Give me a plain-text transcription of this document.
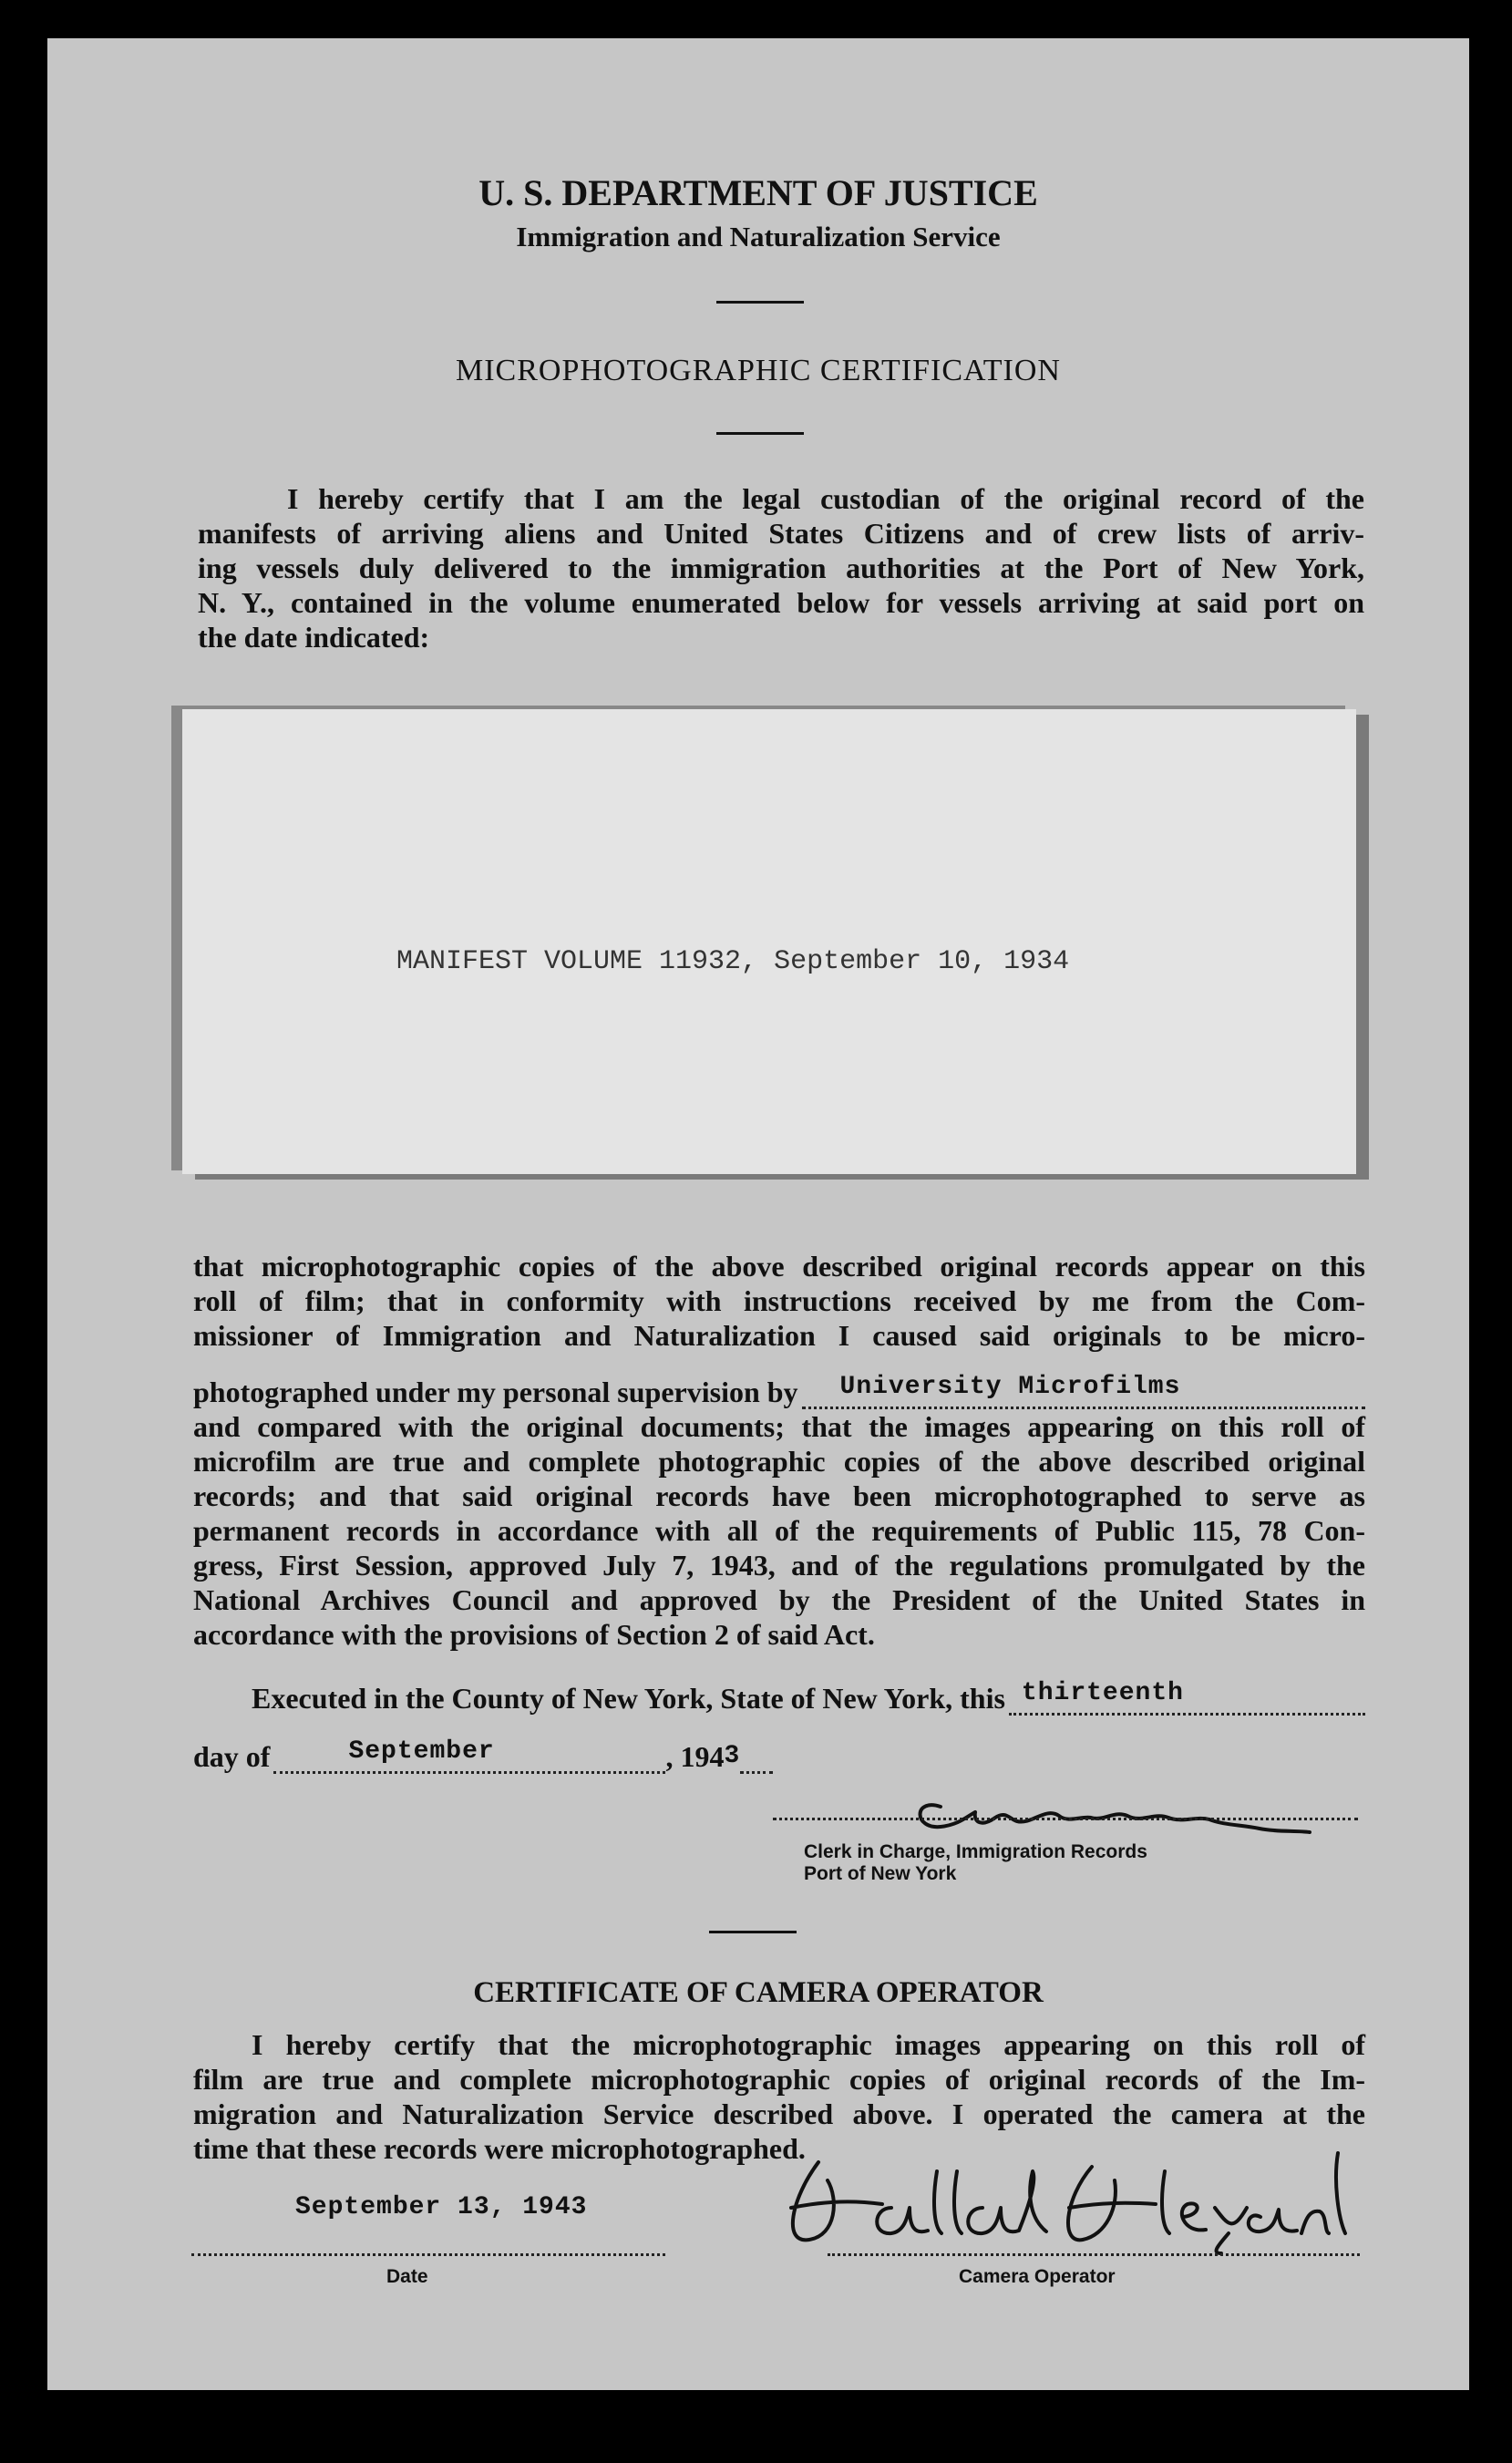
U. S. DEPARTMENT OF JUSTICE
Immigration and Naturalization Service
MICROPHOTOGRAPHIC CERTIFICATION
I hereby certify that I am the legal custodian of the original record of the
manifests of arriving aliens and United States Citizens and of crew lists of arriv-
ing vessels duly delivered to the immigration authorities at the Port of New York,
N. Y., contained in the volume enumerated below for vessels arriving at said port on
the date indicated:
MANIFEST VOLUME 11932, September 10, 1934
that microphotographic copies of the above described original records appear on this
roll of film; that in conformity with instructions received by me from the Com-
missioner of Immigration and Naturalization I caused said originals to be micro-
photographed under my personal supervision by University Microfilms
and compared with the original documents; that the images appearing on this roll of
microfilm are true and complete photographic copies of the above described original
records; and that said original records have been microphotographed to serve as
permanent records in accordance with all of the requirements of Public 115, 78 Con-
gress, First Session, approved July 7, 1943, and of the regulations promulgated by the
National Archives Council and approved by the President of the United States in
accordance with the provisions of Section 2 of said Act.
Executed in the County of New York, State of New York, this thirteenth
day of	September	, 194 3
Clerk in Charge, Immigration Records
Port of New York
CERTIFICATE OF CAMERA OPERATOR
I hereby certify that the microphotographic images appearing on this roll of
film are true and complete microphotographic copies of original records of the Im-
migration and Naturalization Service described above. I operated the camera at the
time that these records were microphotographed.
September 13, 1943
Date	Camera Operator
